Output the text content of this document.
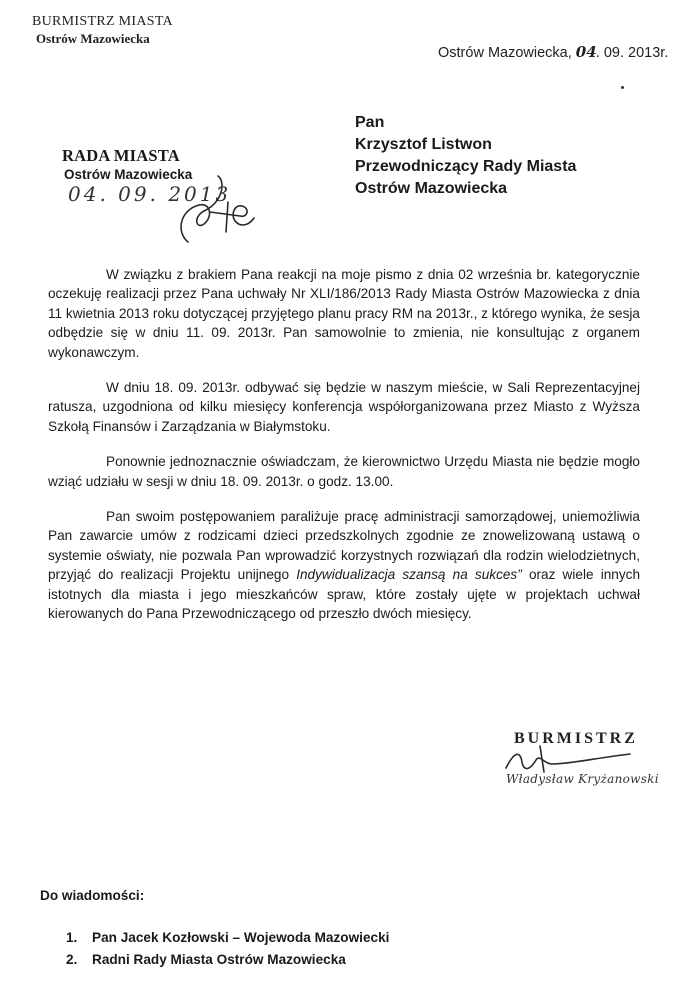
BURMISTRZ MIASTA
Ostrów Mazowiecka
Ostrów Mazowiecka, 04. 09. 2013r.
Pan
Krzysztof Listwon
Przewodniczący Rady Miasta
Ostrów Mazowiecka
RADA MIASTA
Ostrów Mazowiecka
04. 09. 2013

W związku z brakiem Pana reakcji na moje pismo z dnia 02 września br. kategorycznie oczekuję realizacji przez Pana uchwały Nr XLI/186/2013 Rady Miasta Ostrów Mazowiecka z dnia 11 kwietnia 2013 roku dotyczącej przyjętego planu pracy RM na 2013r., z którego wynika, że sesja odbędzie się w dniu 11. 09. 2013r. Pan samowolnie to zmienia, nie konsultując z organem wykonawczym.

W dniu 18. 09. 2013r. odbywać się będzie w naszym mieście, w Sali Reprezentacyjnej ratusza, uzgodniona od kilku miesięcy konferencja współorganizowana przez Miasto z Wyższa Szkołą Finansów i Zarządzania w Białymstoku.

Ponownie jednoznacznie oświadczam, że kierownictwo Urzędu Miasta nie będzie mogło wziąć udziału w sesji w dniu 18. 09. 2013r. o godz. 13.00.

Pan swoim postępowaniem paraliżuje pracę administracji samorządowej, uniemożliwia Pan zawarcie umów z rodzicami dzieci przedszkolnych zgodnie ze znowelizowaną ustawą o systemie oświaty, nie pozwala Pan wprowadzić korzystnych rozwiązań dla rodzin wielodzietnych, przyjąć do realizacji Projektu unijnego Indywidualizacja szansą na sukces” oraz wiele innych istotnych dla miasta i jego mieszkańców spraw, które zostały ujęte w projektach uchwał kierowanych do Pana Przewodniczącego od przeszło dwóch miesięcy.

BURMISTRZ
Władysław Kryżanowski
Do wiadomości:
1. Pan Jacek Kozłowski – Wojewoda Mazowiecki
2. Radni Rady Miasta Ostrów Mazowiecka
